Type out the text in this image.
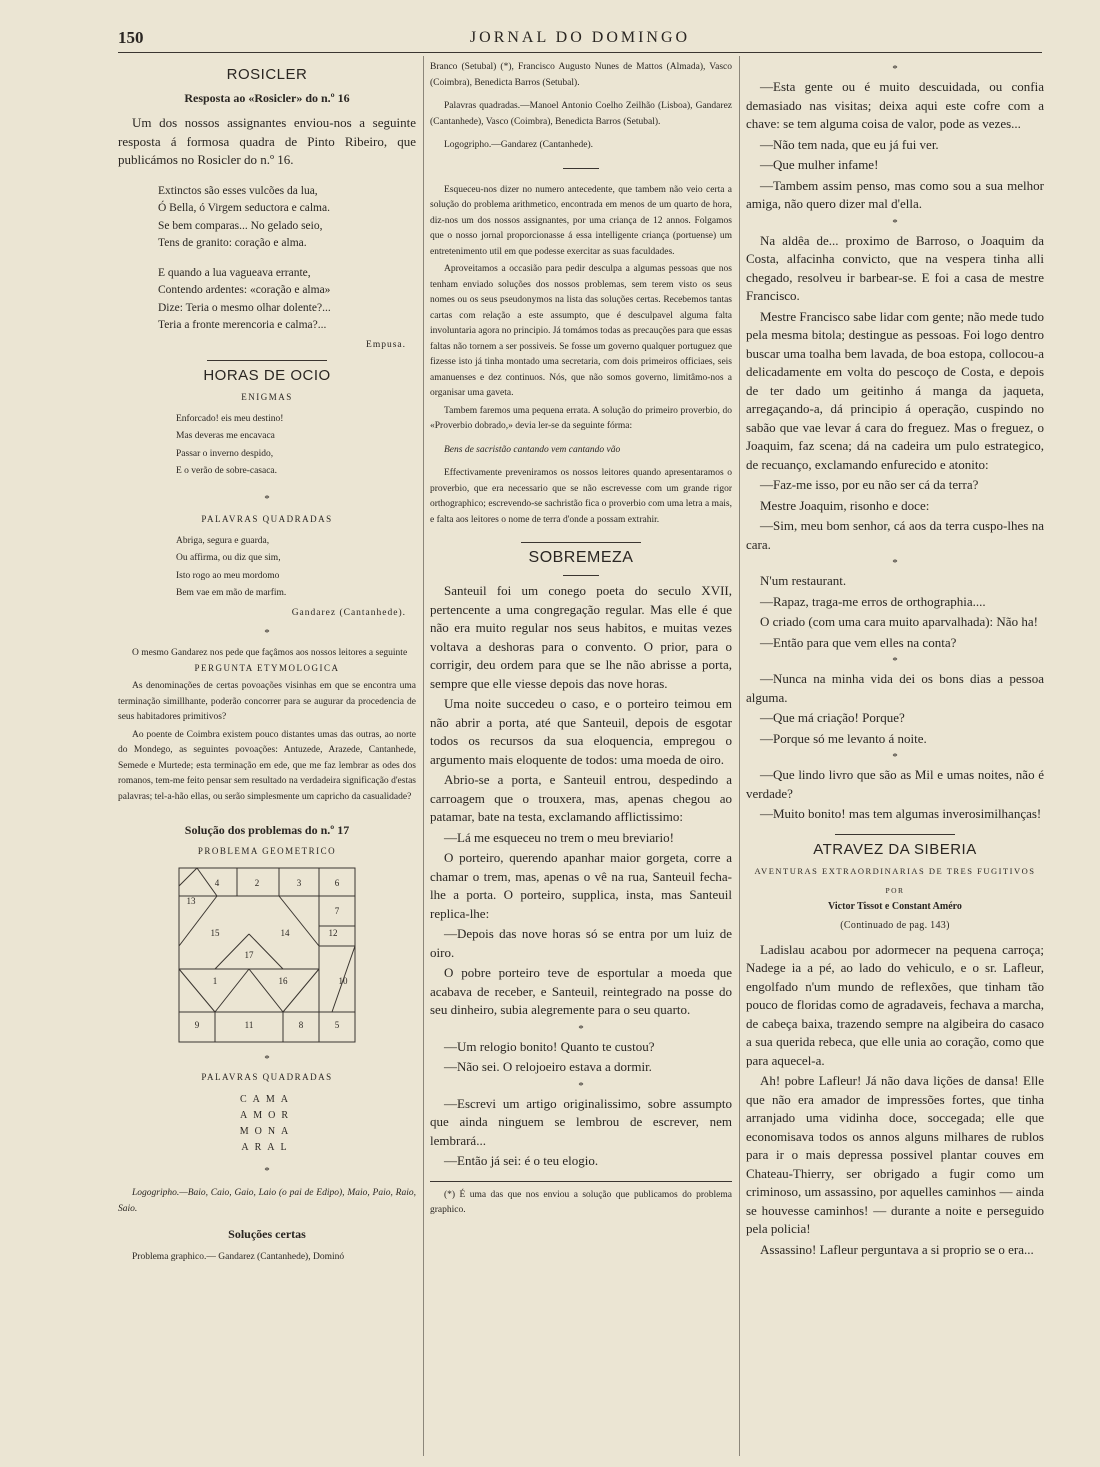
150	JORNAL DO DOMINGO
ROSICLER
Resposta ao «Rosicler» do n.º 16

Um dos nossos assignantes enviou-nos a seguinte resposta á formosa quadra de Pinto Ribeiro, que publicámos no Rosicler do n.º 16.

Extinctos são esses vulcões da lua,
Ó Bella, ó Virgem seductora e calma.
Se bem comparas... No gelado seio,
Tens de granito: coração e alma.
E quando a lua vagueava errante,
Contendo ardentes: «coração e alma»
Dize: Teria o mesmo olhar dolente?...
Teria a fronte merencoria e calma?...
Empusa.
HORAS DE OCIO
ENIGMAS
Enforcado! eis meu destino!
Mas deveras me encavaca
Passar o inverno despido,
E o verão de sobre-casaca.
*
PALAVRAS QUADRADAS
Abriga, segura e guarda,
Ou affirma, ou diz que sim,
Isto rogo ao meu mordomo
Bem vae em mão de marfim.
Gandarez (Cantanhede).
*

O mesmo Gandarez nos pede que façâmos aos nossos leitores a seguinte

PERGUNTA ETYMOLOGICA

As denominações de certas povoações visinhas em que se encontra uma terminação simillhante, poderão concorrer para se augurar da procedencia de seus habitadores primitivos?

Ao poente de Coimbra existem pouco distantes umas das outras, ao norte do Mondego, as seguintes povoações: Antuzede, Arazede, Cantanhede, Semede e Murtede; esta terminação em ede, que me faz lembrar as odes dos romanos, tem-me feito pensar sem resultado na verdadeira significação d'estas palavras; tel-a-hão ellas, ou serão simplesmente um capricho da casualidade?

Solução dos problemas do n.º 17
PROBLEMA GEOMETRICO
4	2	3	6
13
7
15	14	12
17
1	16	10
9	11	8	5
*
PALAVRAS QUADRADAS
CAMA
AMOR
MONA
ARAL
*

Logogripho.—Baio, Caio, Gaio, Laio (o pai de Edipo), Maio, Paio, Raio, Saio.

Soluções certas

Problema graphico.— Gandarez (Cantanhede), Dominó

Branco (Setubal) (*), Francisco Augusto Nunes de Mattos (Almada), Vasco (Coimbra), Benedicta Barros (Setubal).

Palavras quadradas.—Manoel Antonio Coelho Zeilhão (Lisboa), Gandarez (Cantanhede), Vasco (Coimbra), Benedicta Barros (Setubal).

Logogripho.—Gandarez (Cantanhede).

Esqueceu-nos dizer no numero antecedente, que tambem não veio certa a solução do problema arithmetico, encontrada em menos de um quarto de hora, diz-nos um dos nossos assignantes, por uma criança de 12 annos. Folgamos que o nosso jornal proporcionasse á essa intelligente criança (portuense) um entretenimento util em que podesse exercitar as suas faculdades.

Aproveitamos a occasião para pedir desculpa a algumas pessoas que nos tenham enviado soluções dos nossos problemas, sem terem visto os seus nomes ou os seus pseudonymos na lista das soluções certas. Recebemos tantas cartas com relação a este assumpto, que é desculpavel alguma falta involuntaria agora no principio. Já tomámos todas as precauções para que essas faltas não tornem a ser possiveis. Se fosse um governo qualquer portuguez que fizesse isto já tinha montado uma secretaria, com dois primeiros officiaes, seis amanuenses e dez continuos. Nós, que não somos governo, limitâmo-nos a organisar uma gaveta.

Tambem faremos uma pequena errata. A solução do primeiro proverbio, do «Proverbio dobrado,» devia ler-se da seguinte fórma:

Bens de sacristão cantando vem cantando vão

Effectivamente preveniramos os nossos leitores quando apresentaramos o proverbio, que era necessario que se não escrevesse com um grande rigor orthographico; escrevendo-se sachristão fica o proverbio com uma letra a mais, e falta aos leitores o nome de terra d'onde a possam extrahir.

SOBREMEZA

Santeuil foi um conego poeta do seculo XVII, pertencente a uma congregação regular. Mas elle é que não era muito regular nos seus habitos, e muitas vezes voltava a deshoras para o convento. O prior, para o corrigir, deu ordem para que se lhe não abrisse a porta, sempre que elle viesse depois das nove horas.

Uma noite succedeu o caso, e o porteiro teimou em não abrir a porta, até que Santeuil, depois de esgotar todos os recursos da sua eloquencia, empregou o argumento mais eloquente de todos: uma moeda de oiro.

Abrio-se a porta, e Santeuil entrou, despedindo a carroagem que o trouxera, mas, apenas chegou ao patamar, bate na testa, exclamando afflictissimo:

—Lá me esqueceu no trem o meu breviario!

O porteiro, querendo apanhar maior gorgeta, corre a chamar o trem, mas, apenas o vê na rua, Santeuil fecha-lhe a porta. O porteiro, supplica, insta, mas Santeuil replica-lhe:

—Depois das nove horas só se entra por um luiz de oiro.

O pobre porteiro teve de esportular a moeda que acabava de receber, e Santeuil, reintegrado na posse do seu dinheiro, subia alegremente para o seu quarto.

*

—Um relogio bonito! Quanto te custou?

—Não sei. O relojoeiro estava a dormir.

*

—Escrevi um artigo originalissimo, sobre assumpto que ainda ninguem se lembrou de escrever, nem lembrará...

—Então já sei: é o teu elogio.

(*) É uma das que nos enviou a solução que publicamos do problema graphico.

*

—Esta gente ou é muito descuidada, ou confia demasiado nas visitas; deixa aqui este cofre com a chave: se tem alguma coisa de valor, pode as vezes...

—Não tem nada, que eu já fui ver.

—Que mulher infame!

—Tambem assim penso, mas como sou a sua melhor amiga, não quero dizer mal d'ella.

*

Na aldêa de... proximo de Barroso, o Joaquim da Costa, alfacinha convicto, que na vespera tinha alli chegado, resolveu ir barbear-se. E foi a casa de mestre Francisco.

Mestre Francisco sabe lidar com gente; não mede tudo pela mesma bitola; destingue as pessoas. Foi logo dentro buscar uma toalha bem lavada, de boa estopa, collocou-a delicadamente em volta do pescoço de Costa, e depois de ter dado um geitinho á manga da jaqueta, arregaçando-a, dá principio á operação, cuspindo no sabão que vae levar á cara do freguez. Mas o freguez, o Joaquim, faz scena; dá na cadeira um pulo estrategico, de recuanço, exclamando enfurecido e atonito:

—Faz-me isso, por eu não ser cá da terra?

Mestre Joaquim, risonho e doce:

—Sim, meu bom senhor, cá aos da terra cuspo-lhes na cara.

*

N'um restaurant.

—Rapaz, traga-me erros de orthographia....

O criado (com uma cara muito aparvalhada): Não ha!

—Então para que vem elles na conta?

*

—Nunca na minha vida dei os bons dias a pessoa alguma.

—Que má criação! Porque?

—Porque só me levanto á noite.

*

—Que lindo livro que são as Mil e umas noites, não é verdade?

—Muito bonito! mas tem algumas inverosimilhanças!

ATRAVEZ DA SIBERIA
AVENTURAS EXTRAORDINARIAS DE TRES FUGITIVOS
POR
Victor Tissot e Constant Améro
(Continuado de pag. 143)

Ladislau acabou por adormecer na pequena carroça; Nadege ia a pé, ao lado do vehiculo, e o sr. Lafleur, engolfado n'um mundo de reflexões, que tinham tão pouco de floridas como de agradaveis, fechava a marcha, de cabeça baixa, trazendo sempre na algibeira do casaco a sua querida rebeca, que elle unia ao coração, como que para aquecel-a.

Ah! pobre Lafleur! Já não dava lições de dansa! Elle que não era amador de impressões fortes, que tinha arranjado uma vidinha doce, soccegada; elle que economisava todos os annos alguns milhares de rublos para ir o mais depressa possivel plantar couves em Chateau-Thierry, ser obrigado a fugir como um criminoso, um assassino, por aquelles caminhos — ainda se houvesse caminhos! — durante a noite e perseguido pela policia!

Assassino! Lafleur perguntava a si proprio se o era...
